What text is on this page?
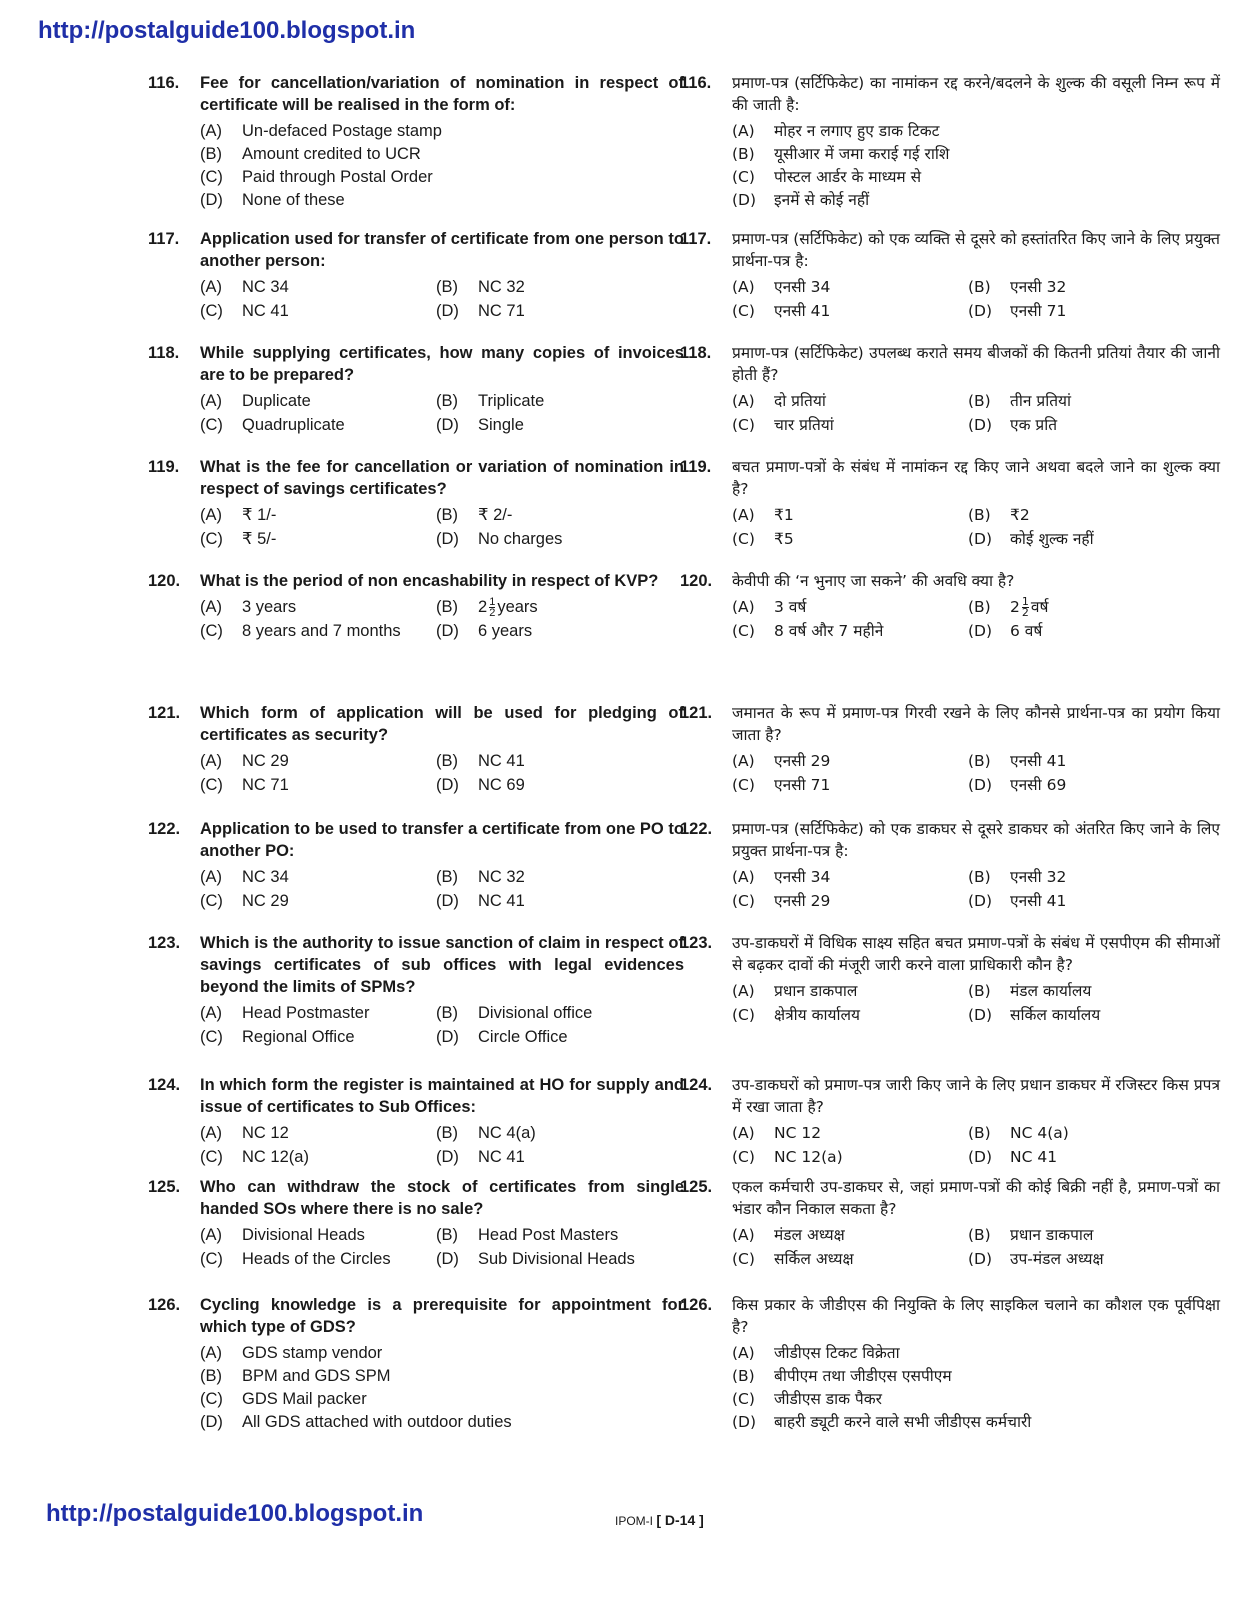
http://postalguide100.blogspot.in
116. Fee for cancellation/variation of nomination in respect of certificate will be realised in the form of:
(A)	Un-defaced Postage stamp
(B)	Amount credited to UCR
(C)	Paid through Postal Order
(D)	None of these
117. Application used for transfer of certificate from one person to another person:
(A)	NC 34	(B)	NC 32
(C)	NC 41	(D)	NC 71
118. While supplying certificates, how many copies of invoices are to be prepared?
(A)	Duplicate	(B)	Triplicate
(C)	Quadruplicate	(D)	Single
119. What is the fee for cancellation or variation of nomination in respect of savings certificates?
(A)	₹ 1/-	(B)	₹ 2/-
(C)	₹ 5/-	(D)	No charges
120. What is the period of non encashability in respect of KVP?
(A)	3 years	(B)	$2 \frac{1}{2}$ years
(C)	8 years and 7 months (D)	6 years
121. Which form of application will be used for pledging of certificates as security?
(A)	NC 29	(B)	NC 41
(C)	NC 71	(D)	NC 69
122. Application to be used to transfer a certificate from one PO to another PO:
(A)	NC 34	(B)	NC 32
(C)	NC 29	(D)	NC 41
123. Which is the authority to issue sanction of claim in respect of savings certificates of sub offices with legal evidences beyond the limits of SPMs?
(A)	Head Postmaster	(B)	Divisional office
(C)	Regional Office	(D)	Circle Office
124. In which form the register is maintained at HO for supply and issue of certificates to Sub Offices:
(A)	NC 12	(B)	NC 4(a)
(C)	NC 12(a)	(D)	NC 41
125. Who can withdraw the stock of certificates from single handed SOs where there is no sale?
(A)	Divisional Heads	(B)	Head Post Masters
(C)	Heads of the Circles	(D)	Sub Divisional Heads
126. Cycling knowledge is a prerequisite for appointment for which type of GDS?
(A)	GDS stamp vendor
(B)	BPM and GDS SPM
(C)	GDS Mail packer
(D)	All GDS attached with outdoor duties
116. प्रमाण-पत्र (सर्टिफिकेट) का नामांकन रद्द करने/बदलने के शुल्क की वसूली निम्न रूप में की जाती है:
(A)	मोहर न लगाए हुए डाक टिकट
(B)	यूसीआर में जमा कराई गई राशि
(C)	पोस्टल आर्डर के माध्यम से
(D)	इनमें से कोई नहीं
117. प्रमाण-पत्र (सर्टिफिकेट) को एक व्यक्ति से दूसरे को हस्तांतरित किए जाने के लिए प्रयुक्त प्रार्थना-पत्र है:
(A)	एनसी 34	(B)	एनसी 32
(C)	एनसी 41	(D)	एनसी 71
118. प्रमाण-पत्र (सर्टिफिकेट) उपलब्ध कराते समय बीजकों की कितनी प्रतियां तैयार की जानी होती हैं?
(A)	दो प्रतियां	(B)	तीन प्रतियां
(C)	चार प्रतियां	(D)	एक प्रति
119. बचत प्रमाण-पत्रों के संबंध में नामांकन रद्द किए जाने अथवा बदले जाने का शुल्क क्या है?
(A)	₹1	(B)	₹2
(C)	₹5	(D)	कोई शुल्क नहीं
120. केवीपी की ‘न भुनाए जा सकने’ की अवधि क्या है?
(A)	3 वर्ष	(B)	$2 \frac{1}{2}$ वर्ष
(C)	8 वर्ष और 7 महीने	(D)	6 वर्ष
121. जमानत के रूप में प्रमाण-पत्र गिरवी रखने के लिए कौनसे प्रार्थना-पत्र का प्रयोग किया जाता है?
(A)	एनसी 29	(B)	एनसी 41
(C)	एनसी 71	(D)	एनसी 69
122. प्रमाण-पत्र (सर्टिफिकेट) को एक डाकघर से दूसरे डाकघर को अंतरित किए जाने के लिए प्रयुक्त प्रार्थना-पत्र है:
(A)	एनसी 34	(B)	एनसी 32
(C)	एनसी 29	(D)	एनसी 41
123. उप-डाकघरों में विधिक साक्ष्य सहित बचत प्रमाण-पत्रों के संबंध में एसपीएम की सीमाओं से बढ़कर दावों की मंजूरी जारी करने वाला प्राधिकारी कौन है?
(A)	प्रधान डाकपाल	(B)	मंडल कार्यालय
(C)	क्षेत्रीय कार्यालय	(D)	सर्किल कार्यालय
124. उप-डाकघरों को प्रमाण-पत्र जारी किए जाने के लिए प्रधान डाकघर में रजिस्टर किस प्रपत्र में रखा जाता है?
(A)	NC 12	(B)	NC 4(a)
(C)	NC 12(a)	(D)	NC 41
125. एकल कर्मचारी उप-डाकघर से, जहां प्रमाण-पत्रों की कोई बिक्री नहीं है, प्रमाण-पत्रों का भंडार कौन निकाल सकता है?
(A)	मंडल अध्यक्ष	(B)	प्रधान डाकपाल
(C)	सर्किल अध्यक्ष	(D)	उप-मंडल अध्यक्ष
126. किस प्रकार के जीडीएस की नियुक्ति के लिए साइकिल चलाने का कौशल एक पूर्वपिक्षा है?
(A)	जीडीएस टिकट विक्रेता
(B)	बीपीएम तथा जीडीएस एसपीएम
(C)	जीडीएस डाक पैकर
(D)	बाहरी ड्यूटी करने वाले सभी जीडीएस कर्मचारी
http://postalguide100.blogspot.in	IPOM-I [ D-14 ]
